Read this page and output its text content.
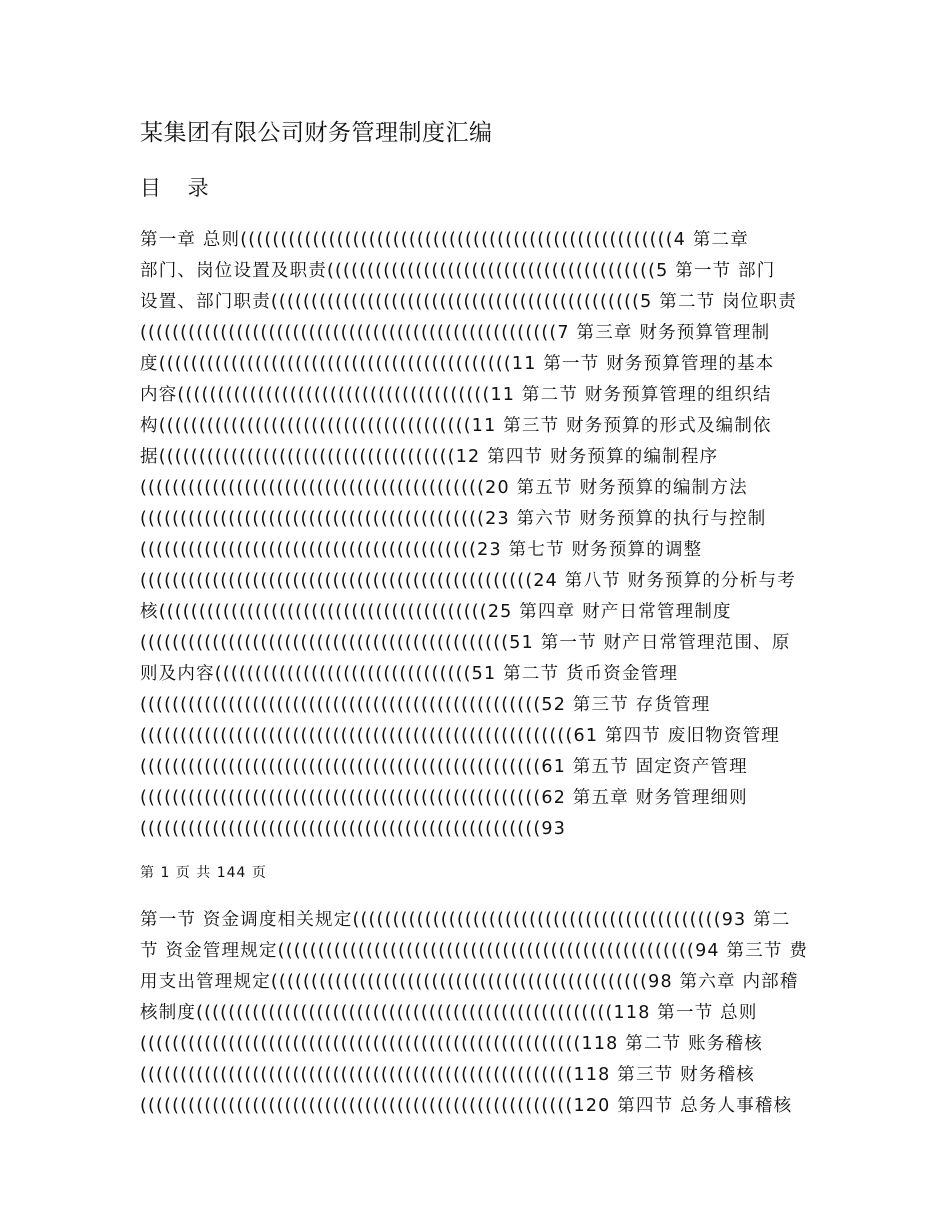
某集团有限公司财务管理制度汇编
目 录
第一章 总则((((((((((((((((((((((((((((((((((((((((((((((((((((((4 第二章
部门、岗位设置及职责(((((((((((((((((((((((((((((((((((((((((5 第一节 部门
设置、部门职责((((((((((((((((((((((((((((((((((((((((((((((5 第二节 岗位职责
((((((((((((((((((((((((((((((((((((((((((((((((((((7 第三章 财务预算管理制
度((((((((((((((((((((((((((((((((((((((((((((11 第一节 财务预算管理的基本
内容(((((((((((((((((((((((((((((((((((((((11 第二节 财务预算管理的组织结
构(((((((((((((((((((((((((((((((((((((((11 第三节 财务预算的形式及编制依
据(((((((((((((((((((((((((((((((((((((12 第四节 财务预算的编制程序
(((((((((((((((((((((((((((((((((((((((((((20 第五节 财务预算的编制方法
(((((((((((((((((((((((((((((((((((((((((((23 第六节 财务预算的执行与控制
((((((((((((((((((((((((((((((((((((((((((23 第七节 财务预算的调整
(((((((((((((((((((((((((((((((((((((((((((((((((24 第八节 财务预算的分析与考
核(((((((((((((((((((((((((((((((((((((((((25 第四章 财产日常管理制度
((((((((((((((((((((((((((((((((((((((((((((((51 第一节 财产日常管理范围、原
则及内容((((((((((((((((((((((((((((((((51 第二节 货币资金管理
((((((((((((((((((((((((((((((((((((((((((((((((((52 第三节 存货管理
((((((((((((((((((((((((((((((((((((((((((((((((((((((61 第四节 废旧物资管理
((((((((((((((((((((((((((((((((((((((((((((((((((61 第五节 固定资产管理
((((((((((((((((((((((((((((((((((((((((((((((((((62 第五章 财务管理细则
((((((((((((((((((((((((((((((((((((((((((((((((((93
第 1 页 共 144 页
第一节 资金调度相关规定((((((((((((((((((((((((((((((((((((((((((((((93 第二
节 资金管理规定((((((((((((((((((((((((((((((((((((((((((((((((((((94 第三节 费
用支出管理规定(((((((((((((((((((((((((((((((((((((((((((((((98 第六章 内部稽
核制度((((((((((((((((((((((((((((((((((((((((((((((((((((118 第一节 总则
(((((((((((((((((((((((((((((((((((((((((((((((((((((((118 第二节 账务稽核
((((((((((((((((((((((((((((((((((((((((((((((((((((((118 第三节 财务稽核
((((((((((((((((((((((((((((((((((((((((((((((((((((((120 第四节 总务人事稽核
